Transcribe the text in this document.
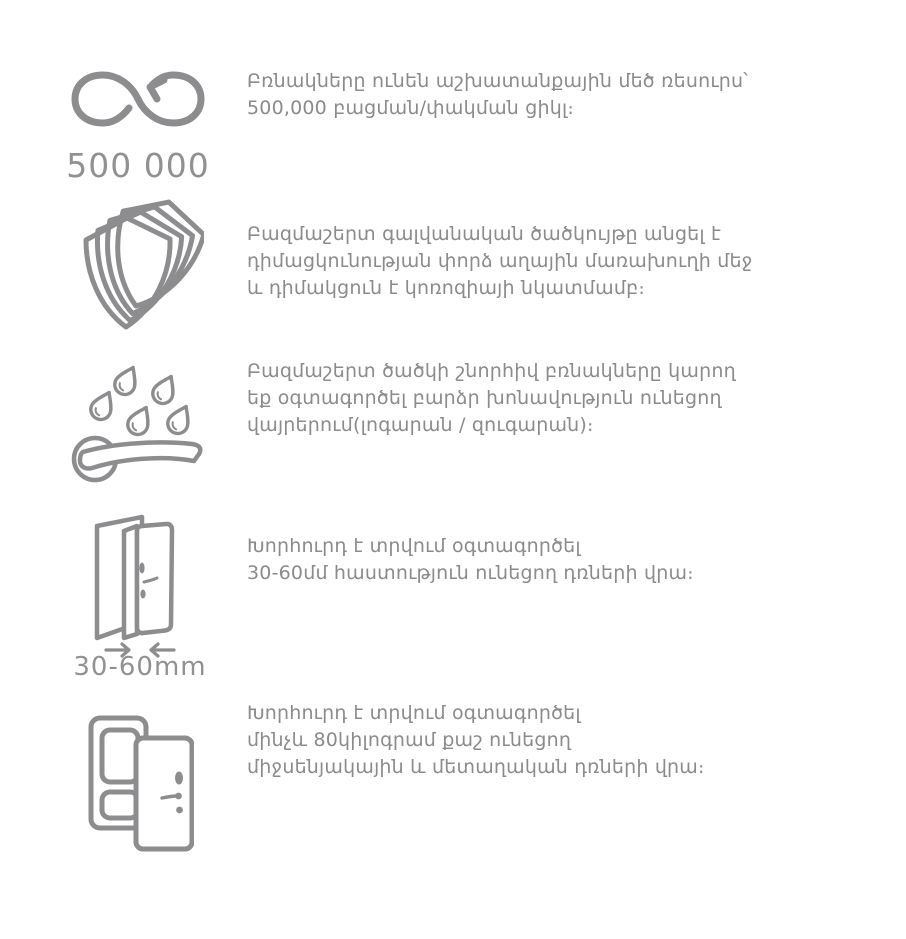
500 000
Բռնակները ունեն աշխատանքային մեծ ռեսուրս՝
500,000 բացման/փակման ցիկլ։
Բազմաշերտ գալվանական ծածկույթը անցել է
դիմացկունության փորձ աղային մառախուղի մեջ
և դիմակցուն է կոռոզիայի նկատմամբ։
Բազմաշերտ ծածկի շնորհիվ բռնակները կարող
եք օգտագործել բարձր խոնավություն ունեցող
վայրերում(լոգարան / զուգարան)։
30-60mm
Խորհուրդ է տրվում օգտագործել
30-60մմ հաստություն ունեցող դռների վրա։
Խորհուրդ է տրվում օգտագործել
մինչև 80կիլոգրամ քաշ ունեցող
միջսենյակային և մետաղական դռների վրա։
